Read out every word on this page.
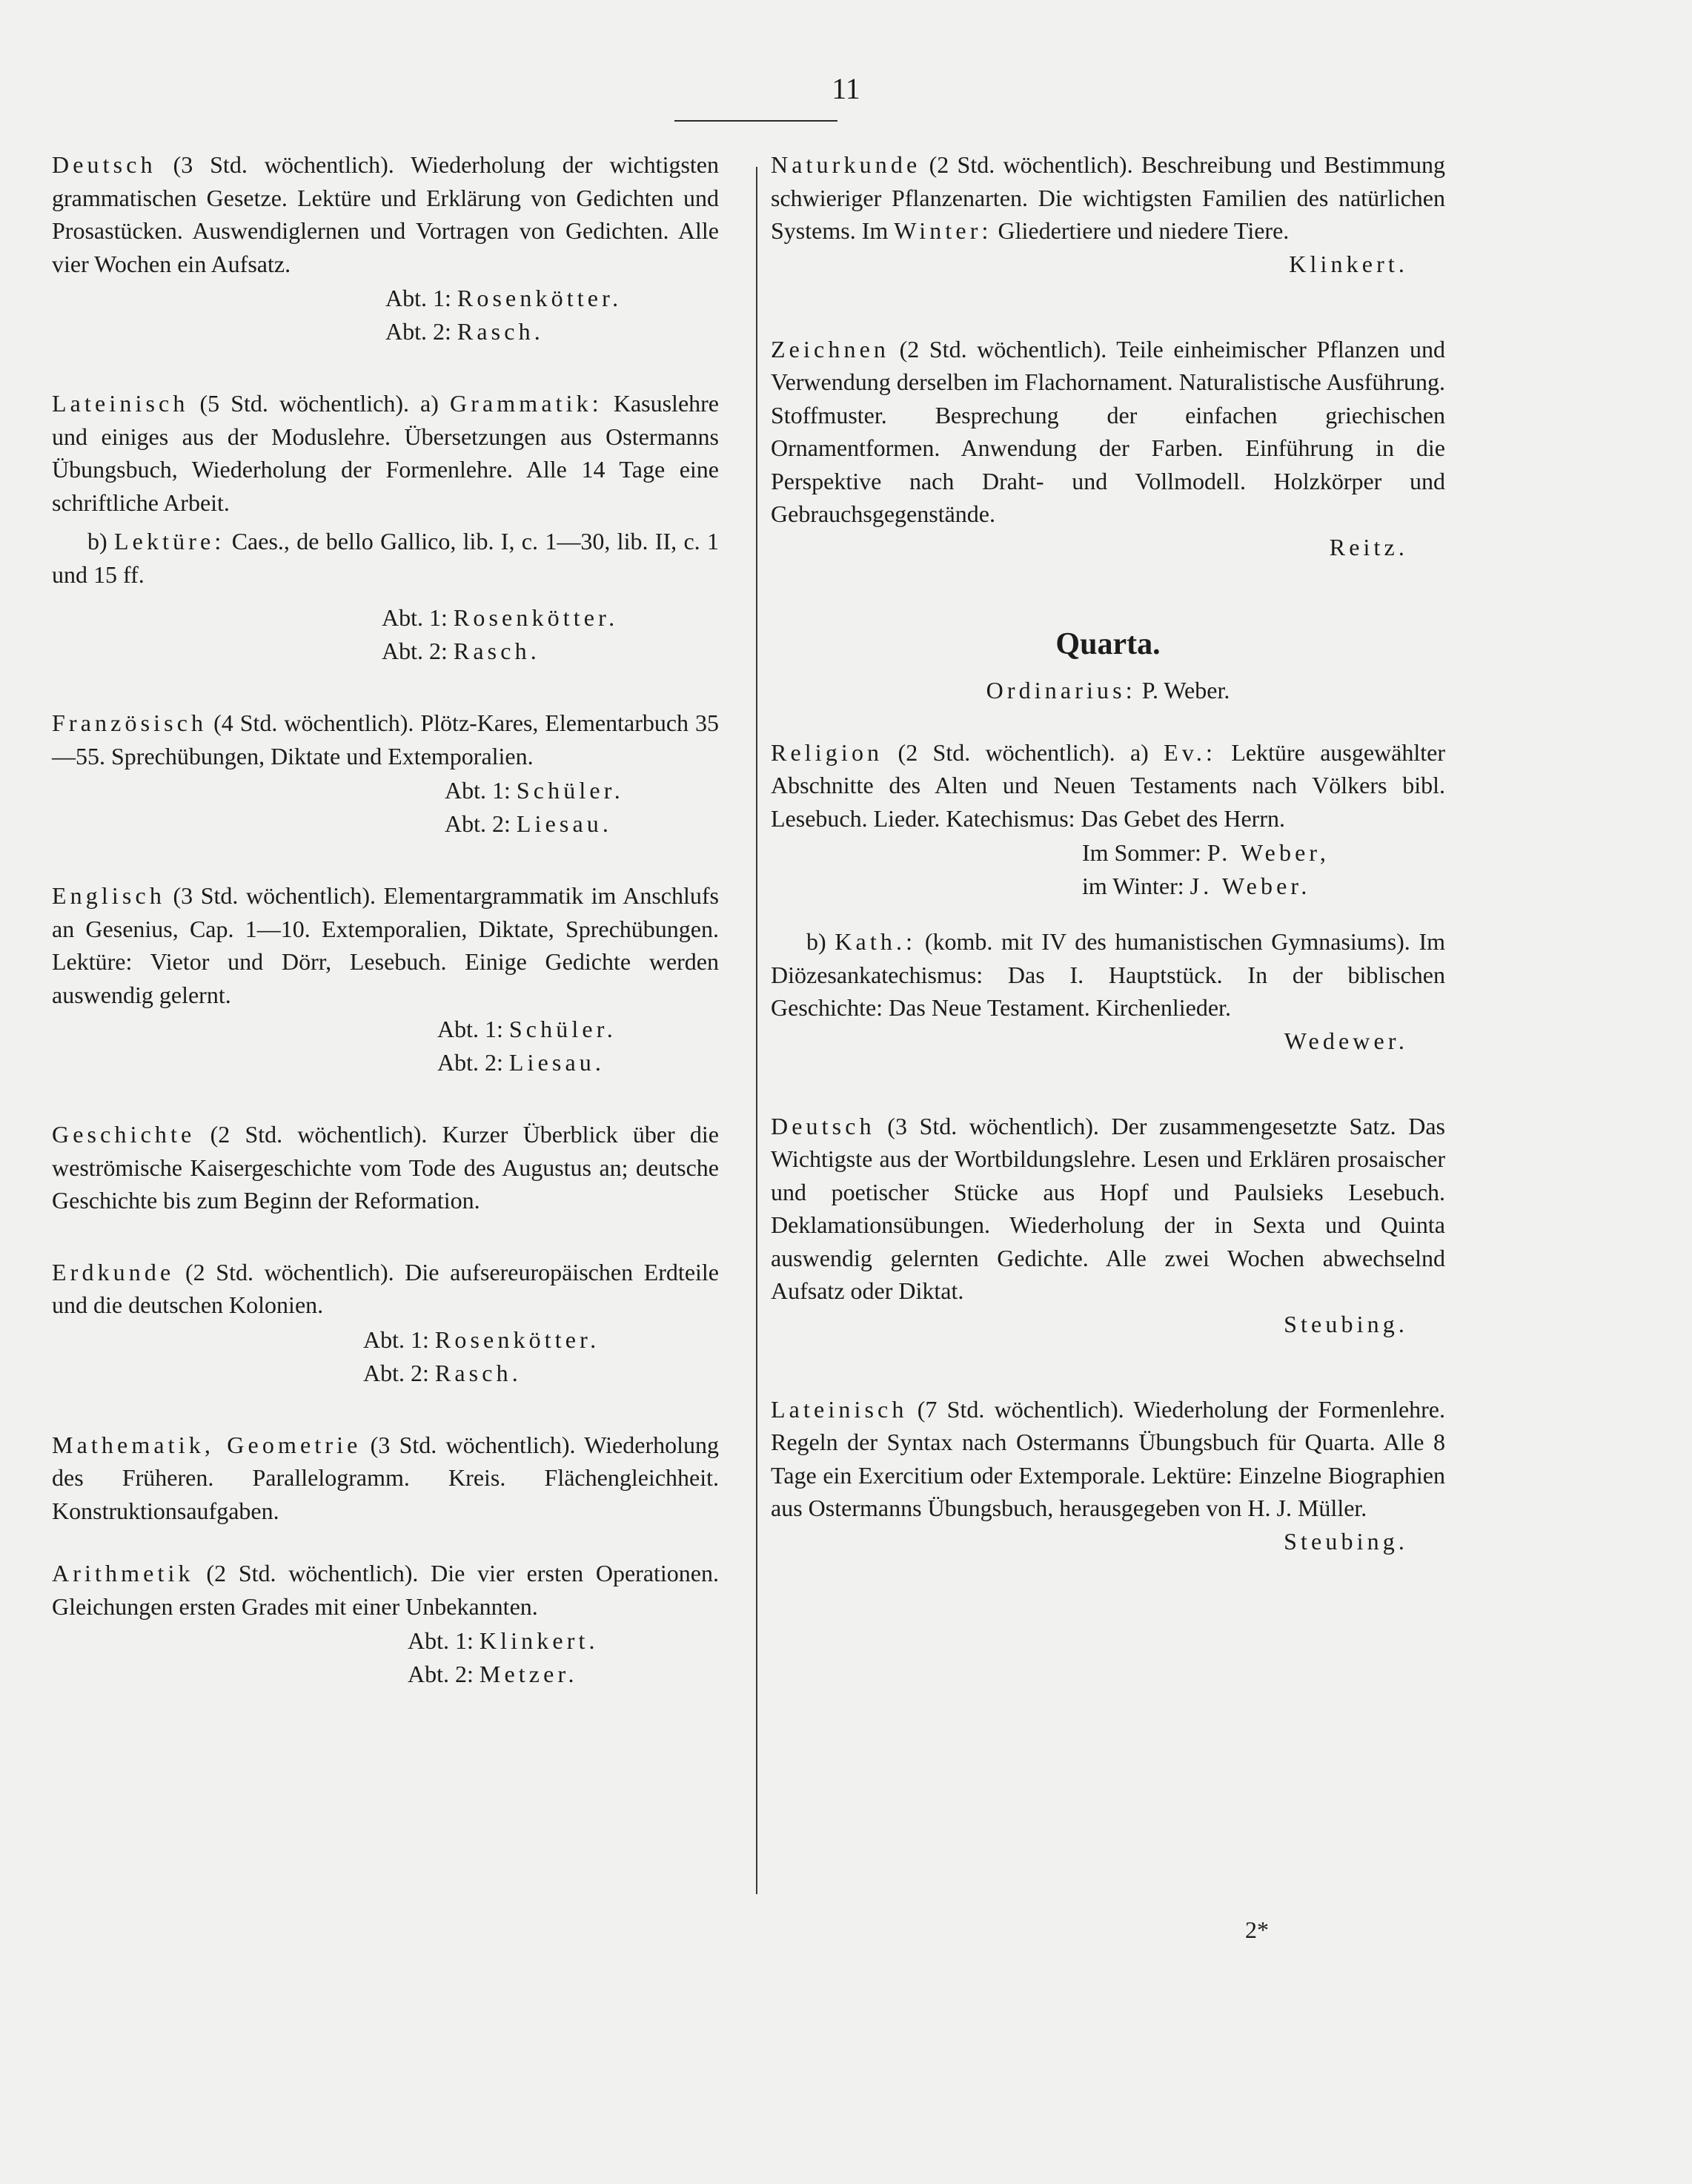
11

Deutsch (3 Std. wöchentlich). Wiederholung der wichtigsten grammatischen Gesetze. Lektüre und Erklärung von Gedichten und Prosastücken. Auswendiglernen und Vortragen von Gedichten. Alle vier Wochen ein Aufsatz.

Abt. 1: Rosenkötter.
Abt. 2: Rasch.

Lateinisch (5 Std. wöchentlich). a) Grammatik: Kasuslehre und einiges aus der Moduslehre. Übersetzungen aus Ostermanns Übungsbuch, Wiederholung der Formenlehre. Alle 14 Tage eine schriftliche Arbeit.

b) Lektüre: Caes., de bello Gallico, lib. I, c. 1—30, lib. II, c. 1 und 15 ff.

Abt. 1: Rosenkötter.
Abt. 2: Rasch.

Französisch (4 Std. wöchentlich). Plötz-Kares, Elementarbuch 35—55. Sprechübungen, Diktate und Extemporalien.

Abt. 1: Schüler.
Abt. 2: Liesau.

Englisch (3 Std. wöchentlich). Elementargrammatik im Anschlufs an Gesenius, Cap. 1—10. Extemporalien, Diktate, Sprechübungen. Lektüre: Vietor und Dörr, Lesebuch. Einige Gedichte werden auswendig gelernt.

Abt. 1: Schüler.
Abt. 2: Liesau.

Geschichte (2 Std. wöchentlich). Kurzer Überblick über die weströmische Kaisergeschichte vom Tode des Augustus an; deutsche Geschichte bis zum Beginn der Reformation.

Erdkunde (2 Std. wöchentlich). Die aufsereuropäischen Erdteile und die deutschen Kolonien.

Abt. 1: Rosenkötter.
Abt. 2: Rasch.

Mathematik, Geometrie (3 Std. wöchentlich). Wiederholung des Früheren. Parallelogramm. Kreis. Flächengleichheit. Konstruktionsaufgaben.

Arithmetik (2 Std. wöchentlich). Die vier ersten Operationen. Gleichungen ersten Grades mit einer Unbekannten.

Abt. 1: Klinkert.
Abt. 2: Metzer.

Naturkunde (2 Std. wöchentlich). Beschreibung und Bestimmung schwieriger Pflanzenarten. Die wichtigsten Familien des natürlichen Systems. Im Winter: Gliedertiere und niedere Tiere.

Klinkert.

Zeichnen (2 Std. wöchentlich). Teile einheimischer Pflanzen und Verwendung derselben im Flachornament. Naturalistische Ausführung. Stoffmuster. Besprechung der einfachen griechischen Ornamentformen. Anwendung der Farben. Einführung in die Perspektive nach Draht- und Vollmodell. Holzkörper und Gebrauchsgegenstände.

Reitz.
Quarta.
Ordinarius: P. Weber.

Religion (2 Std. wöchentlich). a) Ev.: Lektüre ausgewählter Abschnitte des Alten und Neuen Testaments nach Völkers bibl. Lesebuch. Lieder. Katechismus: Das Gebet des Herrn.

Im Sommer: P. Weber,
im Winter: J. Weber.

b) Kath.: (komb. mit IV des humanistischen Gymnasiums). Im Diözesankatechismus: Das I. Hauptstück. In der biblischen Geschichte: Das Neue Testament. Kirchenlieder.

Wedewer.

Deutsch (3 Std. wöchentlich). Der zusammengesetzte Satz. Das Wichtigste aus der Wortbildungslehre. Lesen und Erklären prosaischer und poetischer Stücke aus Hopf und Paulsieks Lesebuch. Deklamationsübungen. Wiederholung der in Sexta und Quinta auswendig gelernten Gedichte. Alle zwei Wochen abwechselnd Aufsatz oder Diktat.

Steubing.

Lateinisch (7 Std. wöchentlich). Wiederholung der Formenlehre. Regeln der Syntax nach Ostermanns Übungsbuch für Quarta. Alle 8 Tage ein Exercitium oder Extemporale. Lektüre: Einzelne Biographien aus Ostermanns Übungsbuch, herausgegeben von H. J. Müller.

Steubing.
2*
